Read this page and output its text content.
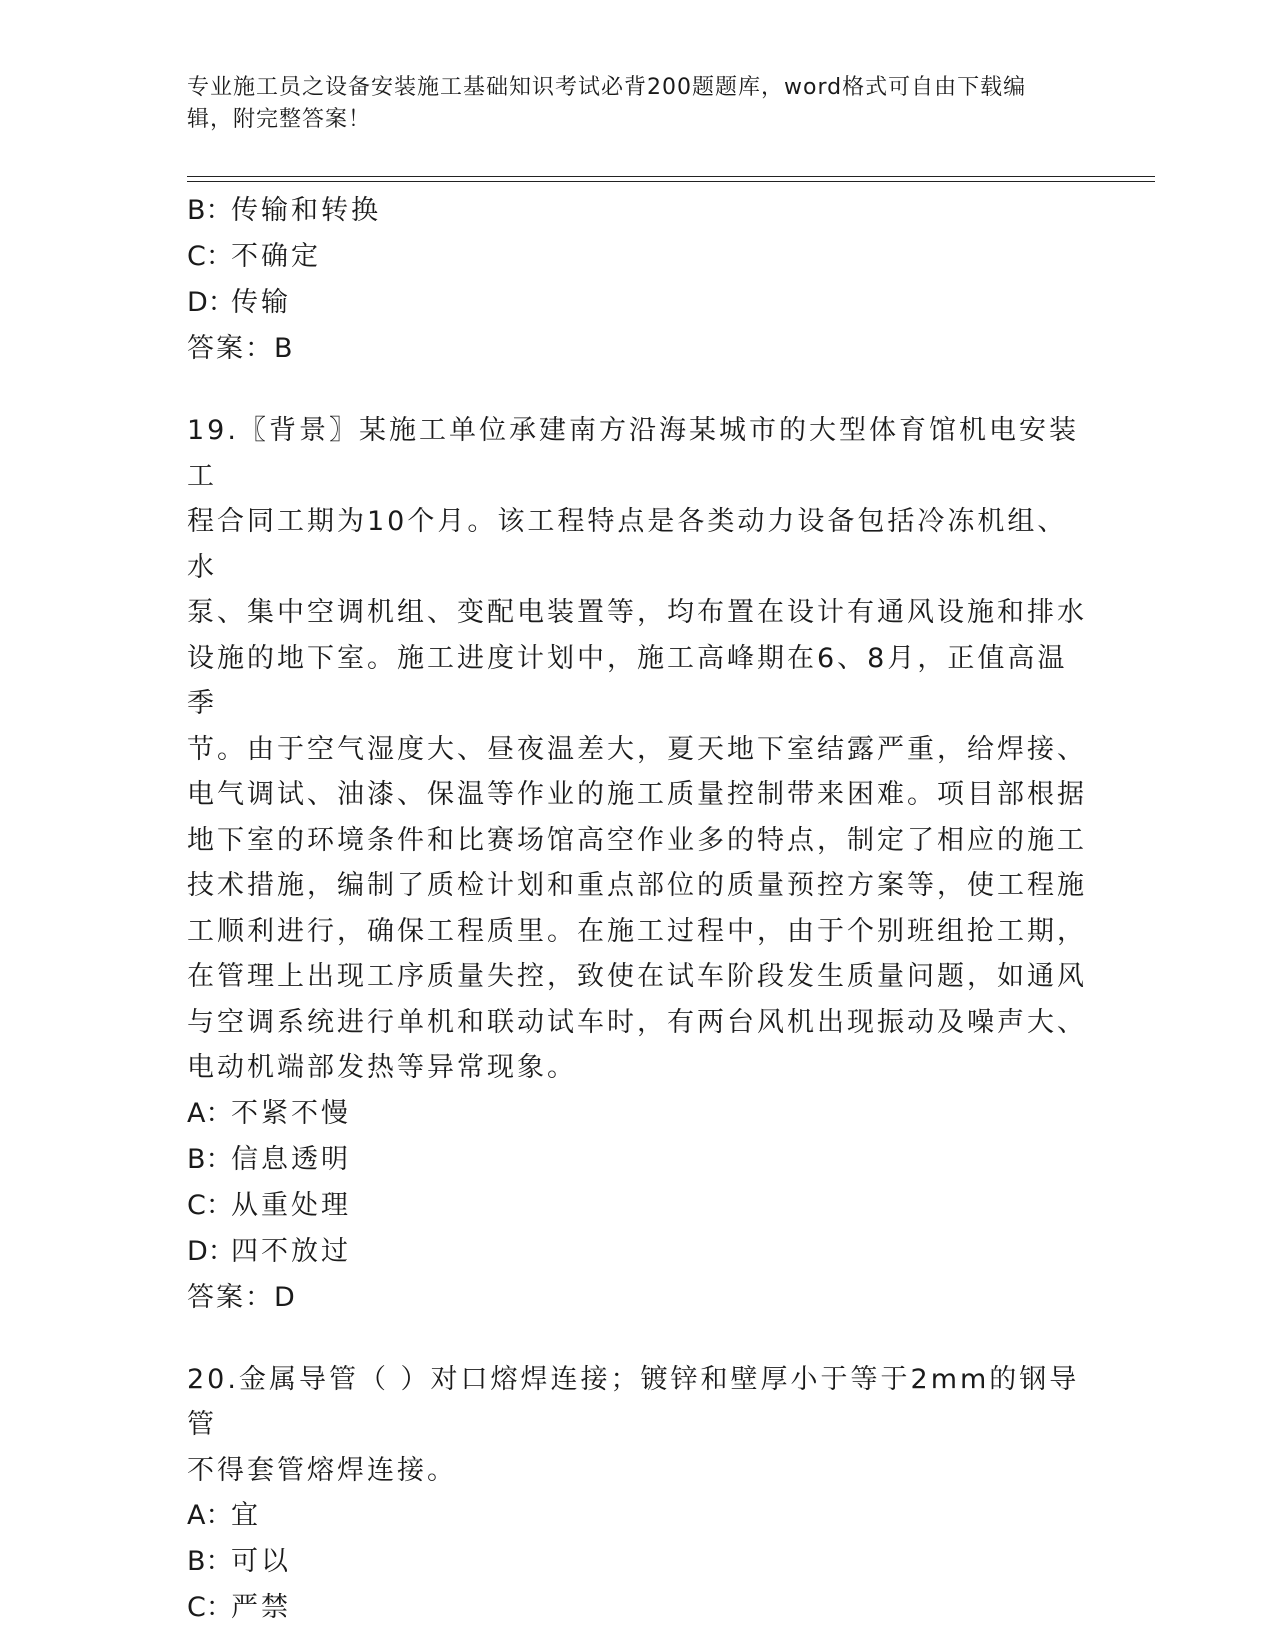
专业施工员之设备安装施工基础知识考试必背200题题库，word格式可自由下载编辑，附完整答案！
B：传输和转换
C：不确定
D：传输
答案：B
19.〖背景〗某施工单位承建南方沿海某城市的大型体育馆机电安装工
程合同工期为10个月。该工程特点是各类动力设备包括冷冻机组、水
泵、集中空调机组、变配电装置等，均布置在设计有通风设施和排水
设施的地下室。施工进度计划中，施工高峰期在6、8月，正值高温季
节。由于空气湿度大、昼夜温差大，夏天地下室结露严重，给焊接、
电气调试、油漆、保温等作业的施工质量控制带来困难。项目部根据
地下室的环境条件和比赛场馆高空作业多的特点，制定了相应的施工
技术措施，编制了质检计划和重点部位的质量预控方案等，使工程施
工顺利进行，确保工程质里。在施工过程中，由于个别班组抢工期，
在管理上出现工序质量失控，致使在试车阶段发生质量问题，如通风
与空调系统进行单机和联动试车时，有两台风机出现振动及噪声大、
电动机端部发热等异常现象。
A：不紧不慢
B：信息透明
C：从重处理
D：四不放过
答案：D
20.金属导管（ ）对口熔焊连接；镀锌和壁厚小于等于2mm的钢导管
不得套管熔焊连接。
A：宜
B：可以
C：严禁
